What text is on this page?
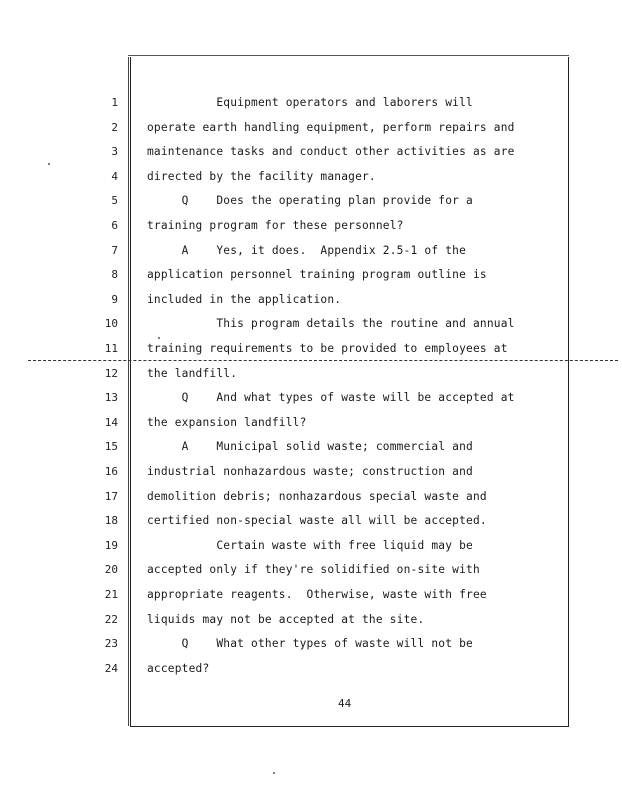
1	Equipment operators and laborers will
2	operate earth handling equipment, perform repairs and
3	maintenance tasks and conduct other activities as are
4	directed by the facility manager.
5	Q    Does the operating plan provide for a
6	training program for these personnel?
7	A    Yes, it does.  Appendix 2.5-1 of the
8	application personnel training program outline is
9	included in the application.
10	This program details the routine and annual
11	training requirements to be provided to employees at
12	the landfill.
13	Q    And what types of waste will be accepted at
14	the expansion landfill?
15	A    Municipal solid waste; commercial and
16	industrial nonhazardous waste; construction and
17	demolition debris; nonhazardous special waste and
18	certified non-special waste all will be accepted.
19	Certain waste with free liquid may be
20	accepted only if they're solidified on-site with
21	appropriate reagents.  Otherwise, waste with free
22	liquids may not be accepted at the site.
23	Q    What other types of waste will not be
24	accepted?
44
